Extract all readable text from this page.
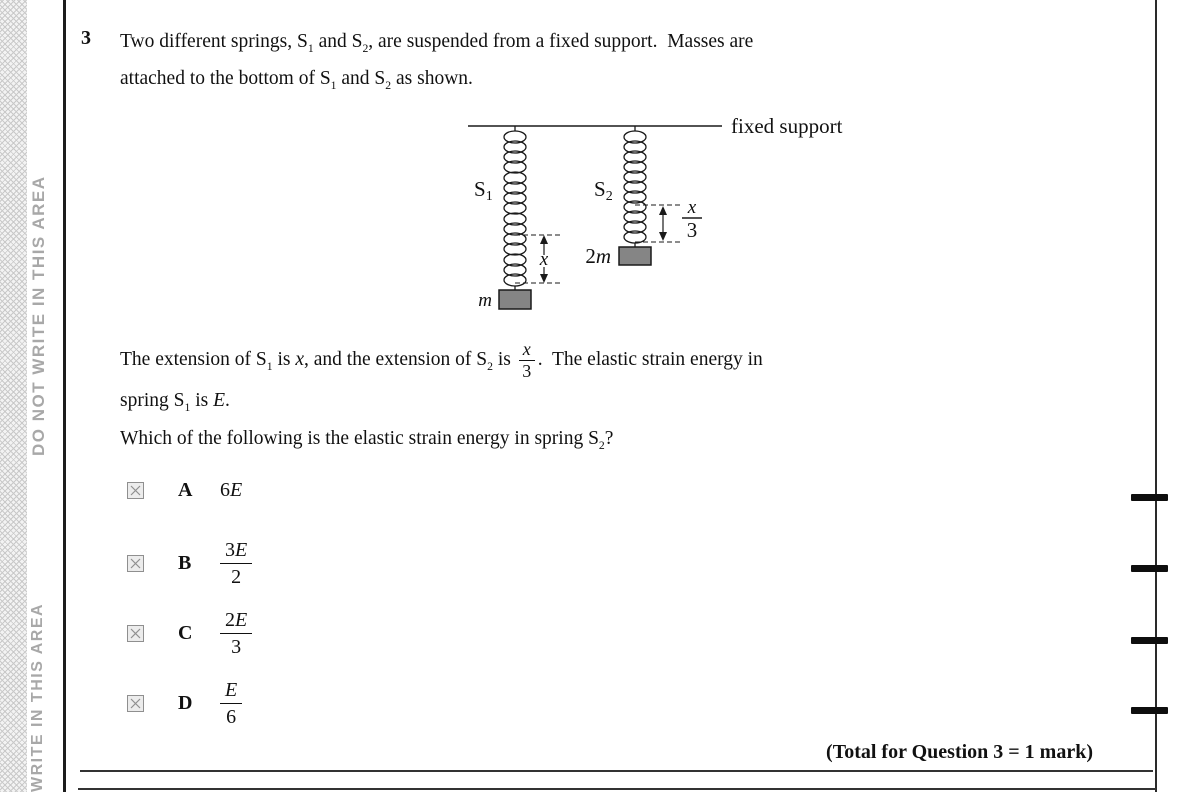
DO NOT WRITE IN THIS AREA
WRITE IN THIS AREA
3 Two different springs, $S_1$ and $S_2$, are suspended from a fixed support.  Masses are
attached to the bottom of $S_1$ and $S_2$ as shown.
fixed support
m
S1
2m
S2
x
x
3
The extension of $S_1$ is x, and the extension of $S_2$ is $\frac{x}{3}$ .  The elastic strain energy in
spring $S_1$ is E.
Which of the following is the elastic strain energy in spring $S_2$?
A 6E
B	$\frac{3E}{2}$
C $\frac{2E}{3}$
D $\frac{E}{6}$
(Total for Question 3 = 1 mark)
